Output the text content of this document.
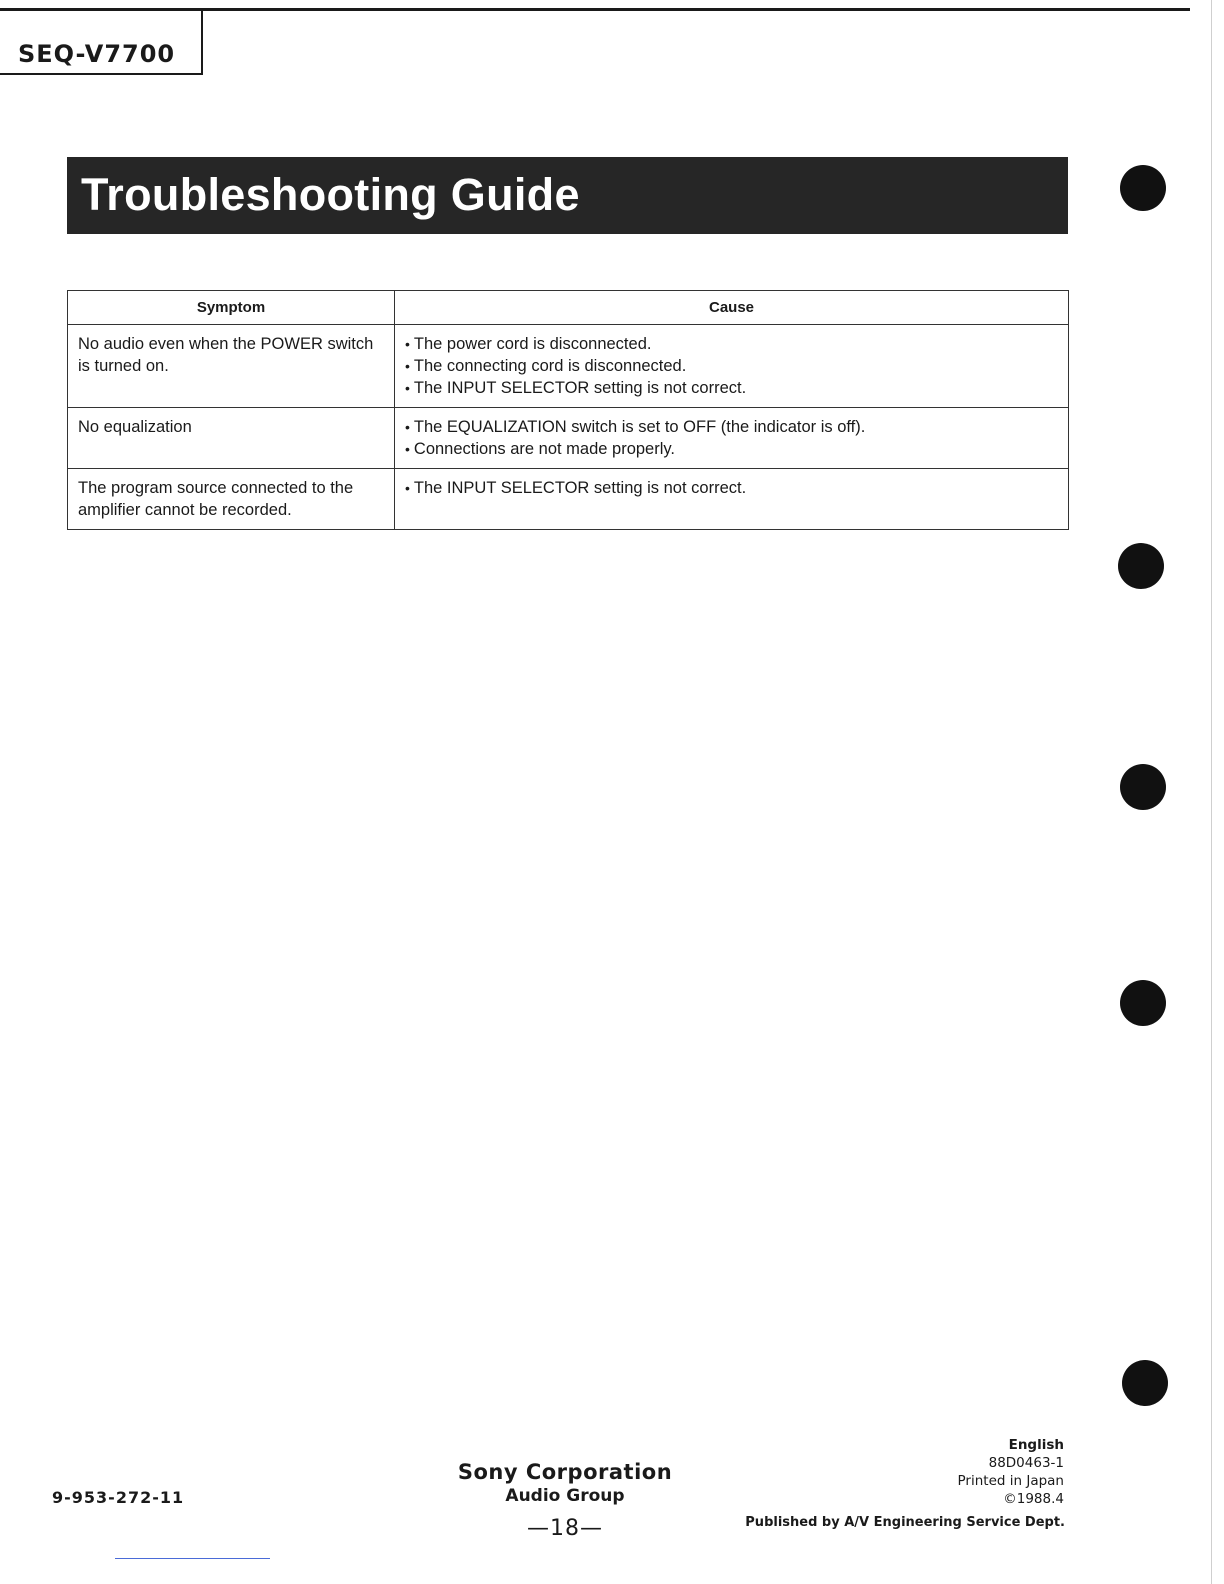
SEQ-V7700
Troubleshooting Guide
Symptom	Cause
No audio even when the POWER switch is turned on.	• The power cord is disconnected.
• The connecting cord is disconnected.
• The INPUT SELECTOR setting is not correct.

No equalization	• The EQUALIZATION switch is set to OFF (the indicator is off).
• Connections are not made properly.

The program source connected to the amplifier cannot be recorded.	• The INPUT SELECTOR setting is not correct.
9-953-272-11
Sony Corporation
Audio Group
—18—
English
88D0463-1
Printed in Japan
©1988.4
Published by A/V Engineering Service Dept.
